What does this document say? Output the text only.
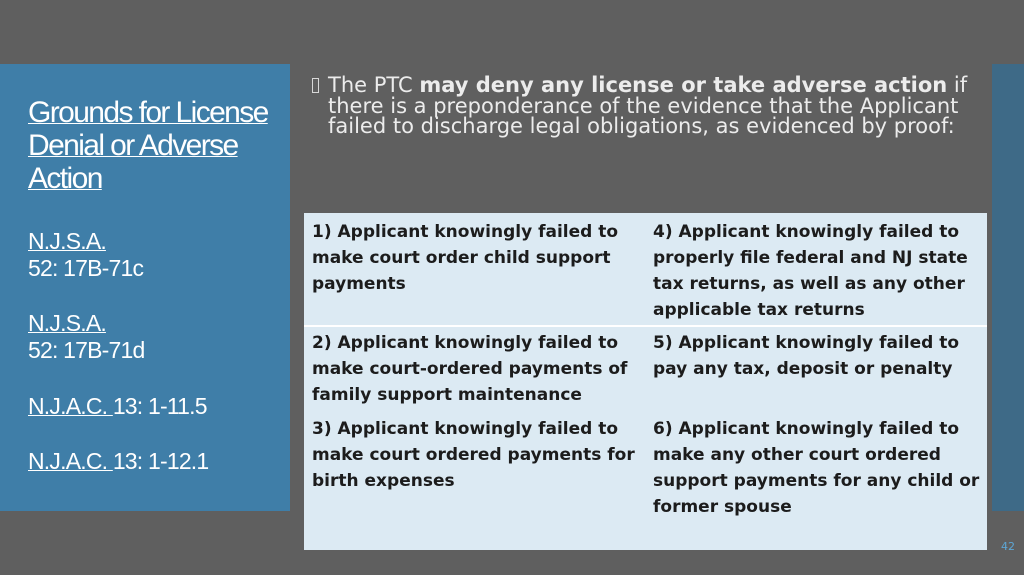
Grounds for License Denial or Adverse Action
N.J.S.A.
52: 17B-71c
N.J.S.A.
52: 17B-71d
N.J.A.C. 13: 1-11.5
N.J.A.C. 13: 1-12.1
The PTC may deny any license or take adverse action if there is a preponderance of the evidence that the Applicant failed to discharge legal obligations, as evidenced by proof:
1) Applicant knowingly failed to make court order child support payments
4) Applicant knowingly failed to properly file federal and NJ state tax returns, as well as any other applicable tax returns
2) Applicant knowingly failed to make court-ordered payments of family support maintenance
5) Applicant knowingly failed to pay any tax, deposit or penalty
3) Applicant knowingly failed to make court ordered payments for birth expenses
6) Applicant knowingly failed to make any other court ordered support payments for any child or former spouse
42
